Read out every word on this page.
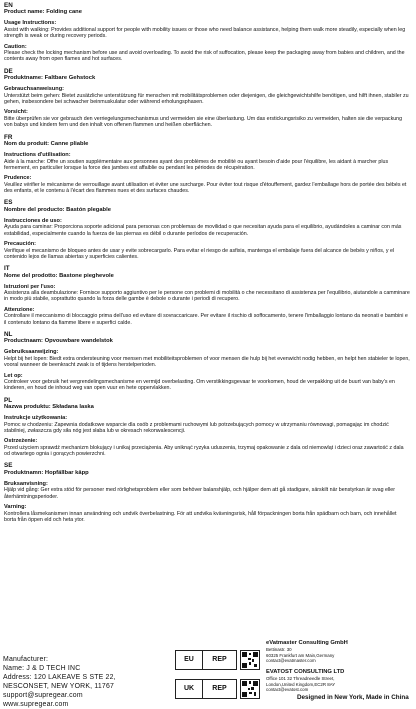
EN
Product name: Folding cane
Usage Instructions:
Assist with walking: Provides additional support for people with mobility issues or those who need balance assistance, helping them walk more steadily, especially when leg strength is weak or during recovery periods.
Caution:
Please check the locking mechanism before use and avoid overloading. To avoid the risk of suffocation, please keep the packaging away from babies and children, and the contents away from open flames and hot surfaces.
DE
Produktname: Faltbare Gehstock
Gebrauchsanweisung:
Unterstützt beim gehen: Bietet zusätzliche unterstützung für menschen mit mobilitätsproblemen oder diejenigen, die gleichgewichtshilfe benötigen, und hilft ihnen, stabiler zu gehen, insbesondere bei schwacher beinmuskulatur oder während erholungsphasen.
Vorsicht:
Bitte überprüfen sie vor gebrauch den verriegelungsmechanismus und vermeiden sie eine überlastung. Um das erstickungsrisiko zu vermeiden, halten sie die verpackung von babys und kindern fern und den inhalt von offenen flammen und heißen oberflächen.
FR
Nom du produit: Canne pliable
Instructions d'utilisation:
Aide à la marche: Offre un soutien supplémentaire aux personnes ayant des problèmes de mobilité ou ayant besoin d'aide pour l'équilibre, les aidant à marcher plus fermement, en particulier lorsque la force des jambes est affaiblie ou pendant les périodes de récupération.
Prudence:
Veuillez vérifier le mécanisme de verrouillage avant utilisation et éviter une surcharge. Pour éviter tout risque d'étouffement, gardez l'emballage hors de portée des bébés et des enfants, et le contenu à l'écart des flammes nues et des surfaces chaudes.
ES
Nombre del producto: Bastón plegable
Instrucciones de uso:
Ayuda para caminar: Proporciona soporte adicional para personas con problemas de movilidad o que necesitan ayuda para el equilibrio, ayudándoles a caminar con más estabilidad, especialmente cuando la fuerza de las piernas es débil o durante períodos de recuperación.
Precaución:
Verifique el mecanismo de bloqueo antes de usar y evite sobrecargarlo. Para evitar el riesgo de asfixia, mantenga el embalaje fuera del alcance de bebés y niños, y el contenido lejos de llamas abiertas y superficies calientes.
IT
Nome del prodotto: Bastone pieghevole
Istruzioni per l'uso:
Assistenza alla deambulazione: Fornisce supporto aggiuntivo per le persone con problemi di mobilità o che necessitano di assistenza per l'equilibrio, aiutandole a camminare in modo più stabile, soprattutto quando la forza delle gambe è debole o durante i periodi di recupero.
Attenzione:
Controllare il meccanismo di bloccaggio prima dell'uso ed evitare di sovraccaricare. Per evitare il rischio di soffocamento, tenere l'imballaggio lontano da neonati e bambini e il contenuto lontano da fiamme libere e superfici calde.
NL
Productnaam: Opvouwbare wandelstok
Gebruiksaanwijzing:
Helpt bij het lopen: Biedt extra ondersteuning voor mensen met mobiliteitsproblemen of voor mensen die hulp bij het evenwicht nodig hebben, en helpt hen stabieler te lopen, vooral wanneer de beenkracht zwak is of tijdens herstelperioden.
Let op:
Controleer voor gebruik het vergrendelingsmechanisme en vermijd overbelasting. Om verstikkingsgevaar te voorkomen, houd de verpakking uit de buurt van baby's en kinderen, en houd de inhoud weg van open vuur en hete oppervlakken.
PL
Nazwa produktu: Składana laska
Instrukcje użytkowania:
Pomoc w chodzeniu: Zapewnia dodatkowe wsparcie dla osób z problemami ruchowymi lub potrzebujących pomocy w utrzymaniu równowagi, pomagając im chodzić stabilniej, zwłaszcza gdy siła nóg jest słaba lub w okresach rekonwalescencji.
Ostrzeżenie:
Przed użyciem sprawdź mechanizm blokujący i unikaj przeciążenia. Aby uniknąć ryzyka uduszenia, trzymaj opakowanie z dala od niemowląt i dzieci oraz zawartość z dala od otwartego ognia i gorących powierzchni.
SE
Produktnamn: Hopfällbar käpp
Bruksanvisning:
Hjälp vid gång: Ger extra stöd för personer med rörlighetsproblem eller som behöver balanshjälp, och hjälper dem att gå stadigare, särskilt när benstyrkan är svag eller återhämtningsperioder.
Varning:
Kontrollera låsmekanismen innan användning och undvik överbelastning. För att undvika kvävningsrisk, håll förpackningen borta från spädbarn och barn, och innehållet borta från öppen eld och heta ytor.
Manufacturer:
Name: J & D TECH INC
Address: 120 LAKEAVE S STE 22,
NESCONSET, NEW YORK, 11767
support@supregear.com
www.supregear.com
EU	REP
eVatmaster Consulting GmbH
Bettinastr. 30
60325 Frankfurt am Main,Germany
contact@evatmaster.com
UK	REP
EVATOST CONSULTING LTD
Office 101 32 Threadneedle Street,
London,United Kingdom,EC2R 8AY
contact@evatost.com
Designed in New York, Made in China
